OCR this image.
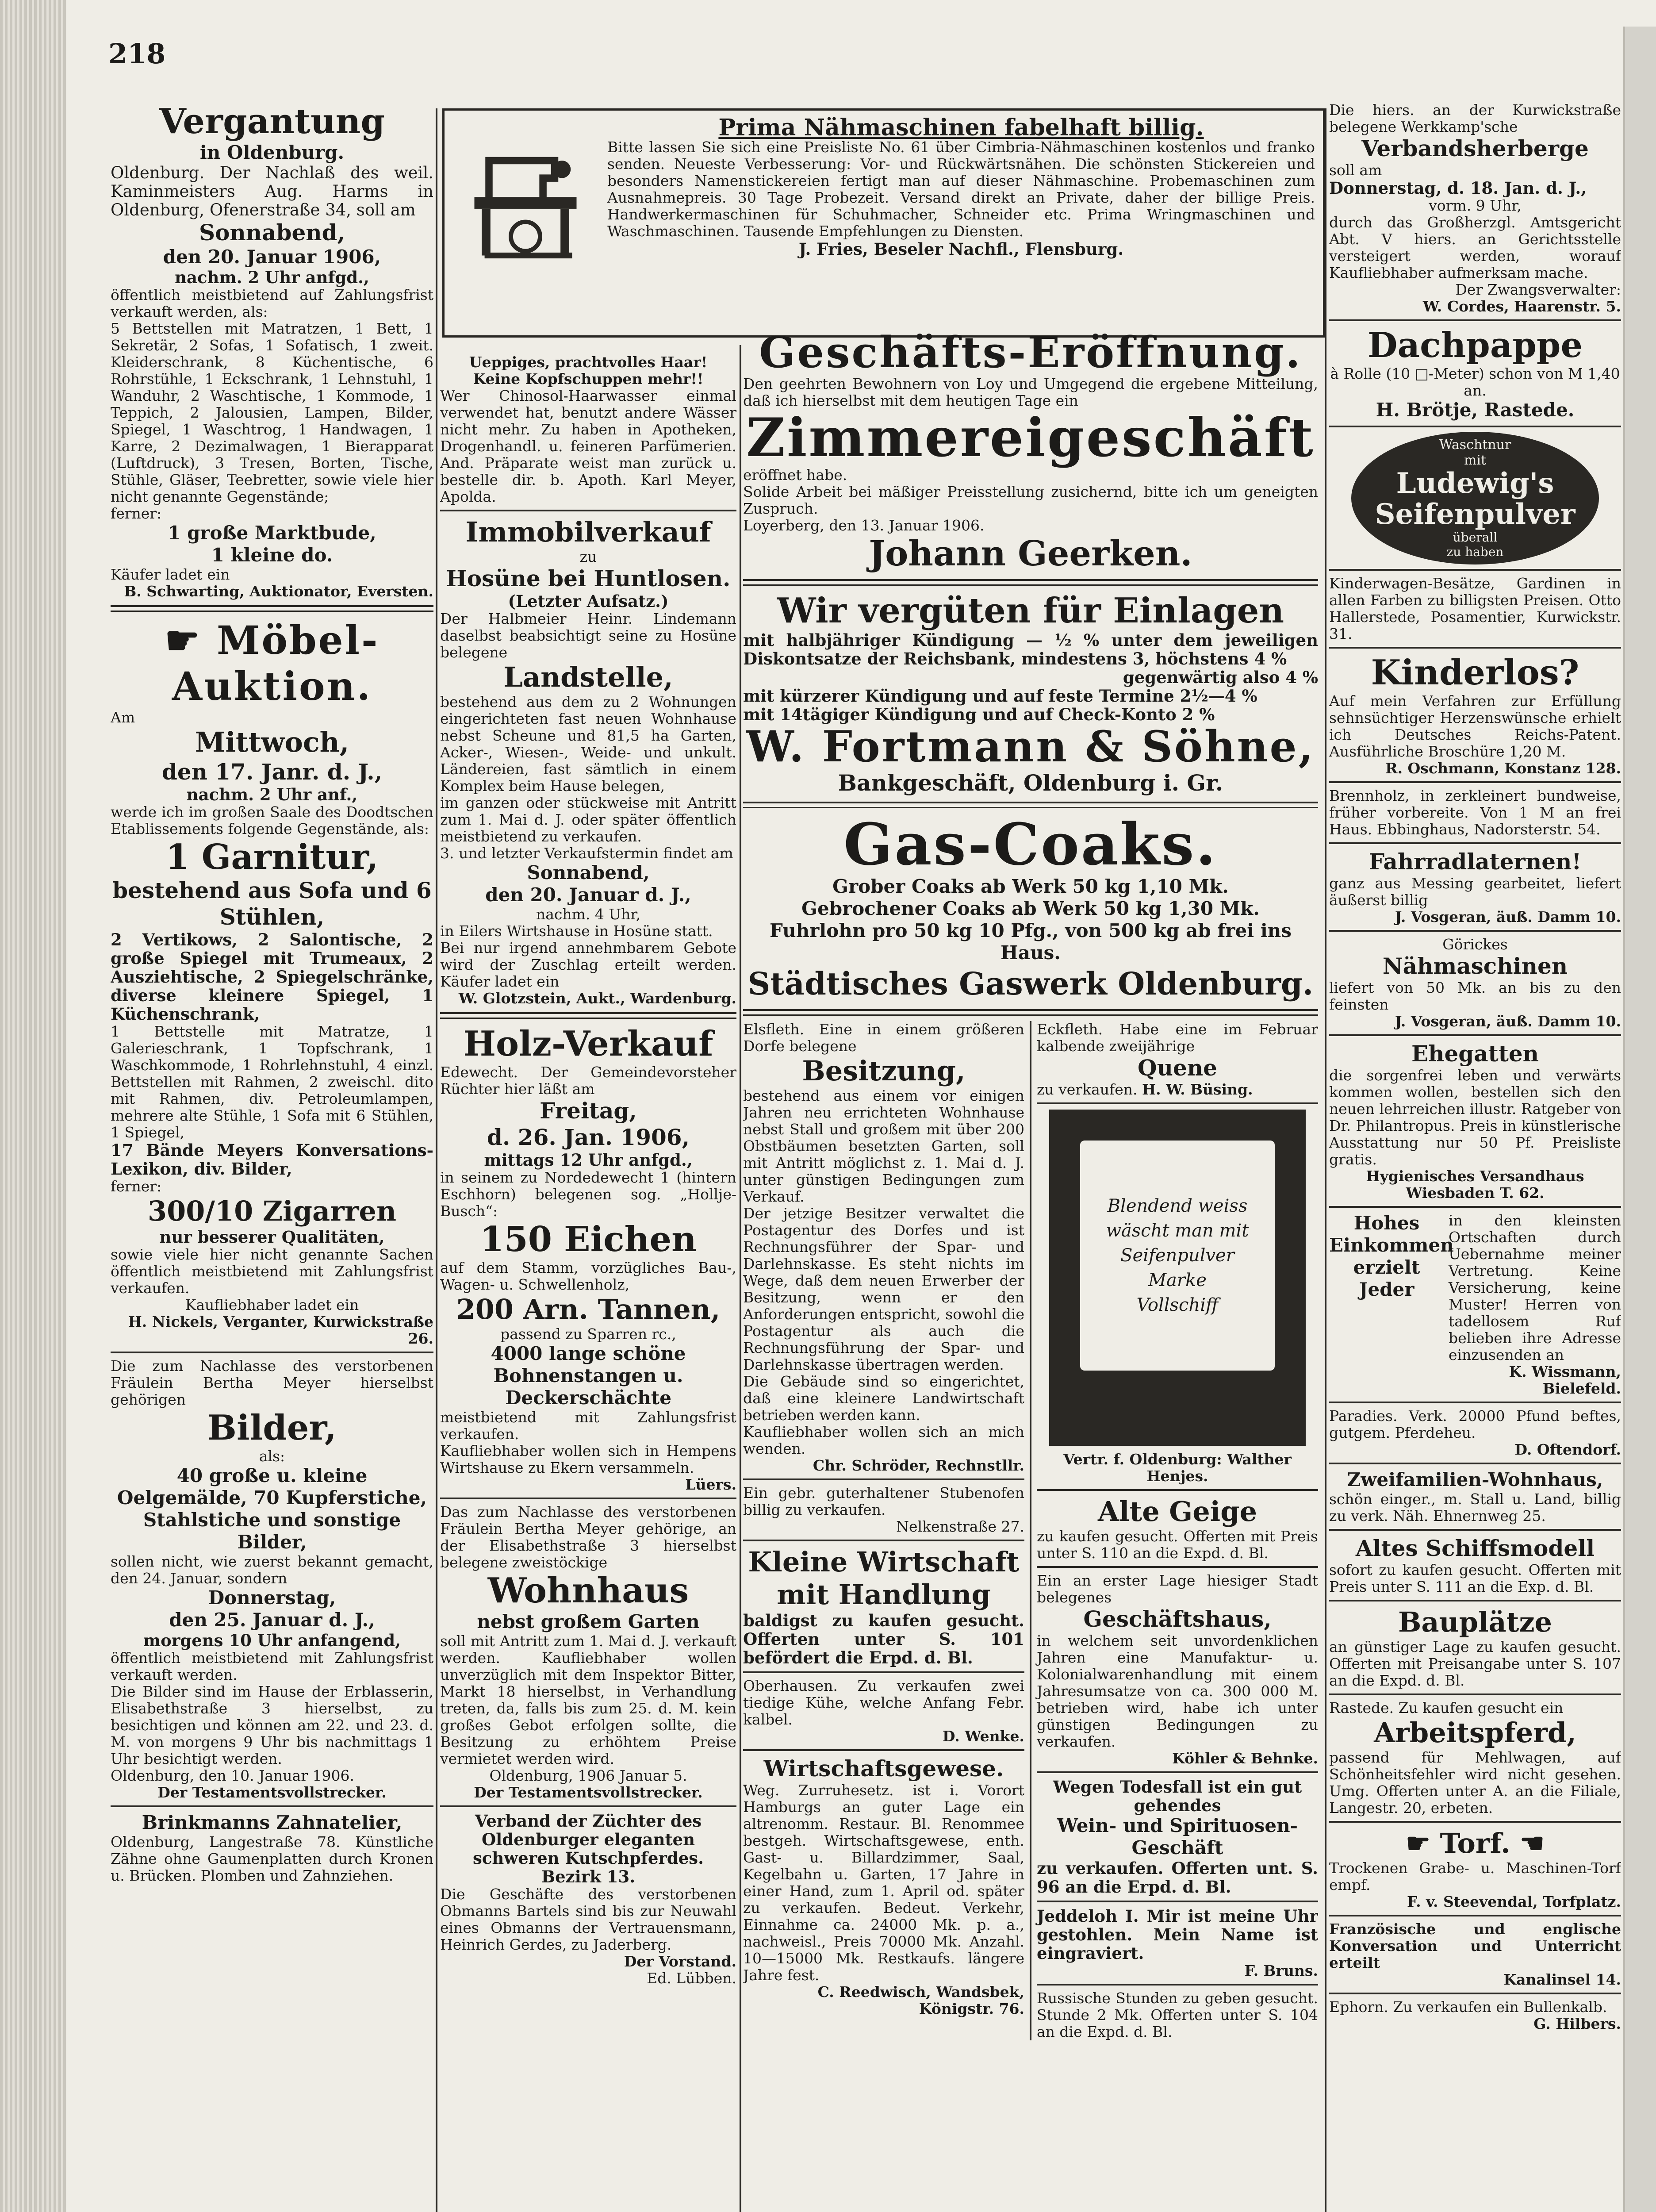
218

Vergantung

in Oldenburg.

Oldenburg. Der Nachlaß des weil. Kaminmeisters Aug. Harms in Oldenburg, Ofenerstraße 34, soll am

Sonnabend,

den 20. Januar 1906,

nachm. 2 Uhr anfgd.,

öffentlich meistbietend auf Zahlungsfrist verkauft werden, als:

5 Bettstellen mit Matratzen, 1 Bett, 1 Sekretär, 2 Sofas, 1 Sofatisch, 1 zweit. Kleiderschrank, 8 Küchentische, 6 Rohrstühle, 1 Eckschrank, 1 Lehnstuhl, 1 Wanduhr, 2 Waschtische, 1 Kommode, 1 Teppich, 2 Jalousien, Lampen, Bilder, Spiegel, 1 Waschtrog, 1 Handwagen, 1 Karre, 2 Dezimalwagen, 1 Bierapparat (Luftdruck), 3 Tresen, Borten, Tische, Stühle, Gläser, Teebretter, sowie viele hier nicht genannte Gegenstände;

ferner:

1 große Marktbude,

1 kleine do.

Käufer ladet ein

B. Schwarting, Auktionator, Eversten.

☛ Möbel-

Auktion.

Am

Mittwoch,

den 17. Janr. d. J.,

nachm. 2 Uhr anf.,

werde ich im großen Saale des Doodtschen Etablissements folgende Gegenstände, als:

1 Garnitur,

bestehend aus Sofa und 6 Stühlen,

2 Vertikows, 2 Salontische, 2 große Spiegel mit Trumeaux, 2 Ausziehtische, 2 Spiegelschränke, diverse kleinere Spiegel, 1 Küchenschrank,

1 Bettstelle mit Matratze, 1 Galerieschrank, 1 Topfschrank, 1 Waschkommode, 1 Rohrlehnstuhl, 4 einzl. Bettstellen mit Rahmen, 2 zweischl. dito mit Rahmen, div. Petroleumlampen, mehrere alte Stühle, 1 Sofa mit 6 Stühlen, 1 Spiegel,

17 Bände Meyers Konversations-Lexikon, div. Bilder,

ferner:

300/10 Zigarren

nur besserer Qualitäten,

sowie viele hier nicht genannte Sachen öffentlich meistbietend mit Zahlungsfrist verkaufen.

Kaufliebhaber ladet ein

H. Nickels, Verganter, Kurwickstraße 26.

Die zum Nachlasse des verstorbenen Fräulein Bertha Meyer hierselbst gehörigen

Bilder,

als:

40 große u. kleine Oelgemälde, 70 Kupferstiche, Stahlstiche und sonstige Bilder,

sollen nicht, wie zuerst bekannt gemacht, den 24. Januar, sondern

Donnerstag,

den 25. Januar d. J.,

morgens 10 Uhr anfangend,

öffentlich meistbietend mit Zahlungsfrist verkauft werden.

Die Bilder sind im Hause der Erblasserin, Elisabethstraße 3 hierselbst, zu besichtigen und können am 22. und 23. d. M. von morgens 9 Uhr bis nachmittags 1 Uhr besichtigt werden.

Oldenburg, den 10. Januar 1906.

Der Testamentsvollstrecker.

Brinkmanns Zahnatelier,

Oldenburg, Langestraße 78. Künstliche Zähne ohne Gaumenplatten durch Kronen u. Brücken. Plomben und Zahnziehen.

Ueppiges, prachtvolles Haar!

Keine Kopfschuppen mehr!!

Wer Chinosol-Haarwasser einmal verwendet hat, benutzt andere Wässer nicht mehr. Zu haben in Apotheken, Drogenhandl. u. feineren Parfümerien. And. Präparate weist man zurück u. bestelle dir. b. Apoth. Karl Meyer, Apolda.

Immobilverkauf

zu

Hosüne bei Huntlosen.

(Letzter Aufsatz.)

Der Halbmeier Heinr. Lindemann daselbst beabsichtigt seine zu Hosüne belegene

Landstelle,

bestehend aus dem zu 2 Wohnungen eingerichteten fast neuen Wohnhause nebst Scheune und 81,5 ha Garten, Acker-, Wiesen-, Weide- und unkult. Ländereien, fast sämtlich in einem Komplex beim Hause belegen,

im ganzen oder stückweise mit Antritt zum 1. Mai d. J. oder später öffentlich meistbietend zu verkaufen.

3. und letzter Verkaufstermin findet am

Sonnabend,

den 20. Januar d. J.,

nachm. 4 Uhr,

in Eilers Wirtshause in Hosüne statt.

Bei nur irgend annehmbarem Gebote wird der Zuschlag erteilt werden. Käufer ladet ein

W. Glotzstein, Aukt., Wardenburg.

Holz-Verkauf

Edewecht. Der Gemeindevorsteher Rüchter hier läßt am

Freitag,

d. 26. Jan. 1906,

mittags 12 Uhr anfgd.,

in seinem zu Nordedewecht 1 (hintern Eschhorn) belegenen sog. „Hollje-Busch“:

150 Eichen

auf dem Stamm, vorzügliches Bau-, Wagen- u. Schwellenholz,

200 Arn. Tannen,

passend zu Sparren rc.,

4000 lange schöne Bohnenstangen u. Deckerschächte

meistbietend mit Zahlungsfrist verkaufen.

Kaufliebhaber wollen sich in Hempens Wirtshause zu Ekern versammeln.

Lüers.

Das zum Nachlasse des verstorbenen Fräulein Bertha Meyer gehörige, an der Elisabethstraße 3 hierselbst belegene zweistöckige

Wohnhaus

nebst großem Garten

soll mit Antritt zum 1. Mai d. J. verkauft werden. Kaufliebhaber wollen unverzüglich mit dem Inspektor Bitter, Markt 18 hierselbst, in Verhandlung treten, da, falls bis zum 25. d. M. kein großes Gebot erfolgen sollte, die Besitzung zu erhöhtem Preise vermietet werden wird.

Oldenburg, 1906 Januar 5.

Der Testamentsvollstrecker.

Verband der Züchter des Oldenburger eleganten schweren Kutschpferdes.

Bezirk 13.

Die Geschäfte des verstorbenen Obmanns Bartels sind bis zur Neuwahl eines Obmanns der Vertrauensmann, Heinrich Gerdes, zu Jaderberg.

Der Vorstand.

Ed. Lübben.

Prima Nähmaschinen fabelhaft billig.

Bitte lassen Sie sich eine Preisliste No. 61 über Cimbria-Nähmaschinen kostenlos und franko senden. Neueste Verbesserung: Vor- und Rückwärtsnähen. Die schönsten Stickereien und besonders Namenstickereien fertigt man auf dieser Nähmaschine. Probemaschinen zum Ausnahmepreis. 30 Tage Probezeit. Versand direkt an Private, daher der billige Preis. Handwerkermaschinen für Schuhmacher, Schneider etc. Prima Wringmaschinen und Waschmaschinen. Tausende Empfehlungen zu Diensten.

J. Fries, Beseler Nachfl., Flensburg.

Geschäfts-Eröffnung.

Den geehrten Bewohnern von Loy und Umgegend die ergebene Mitteilung, daß ich hierselbst mit dem heutigen Tage ein

Zimmereigeschäft

eröffnet habe.

Solide Arbeit bei mäßiger Preisstellung zusichernd, bitte ich um geneigten Zuspruch.

Loyerberg, den 13. Januar 1906.

Johann Geerken.

Wir vergüten für Einlagen

mit halbjähriger Kündigung — ½ % unter dem jeweiligen Diskontsatze der Reichsbank, mindestens 3, höchstens 4 %

gegenwärtig also 4 %

mit kürzerer Kündigung und auf feste Termine 2½—4 %

mit 14tägiger Kündigung und auf Check-Konto 2 %

W. Fortmann & Söhne,

Bankgeschäft, Oldenburg i. Gr.

Gas-Coaks.

Grober Coaks ab Werk 50 kg 1,10 Mk.

Gebrochener Coaks ab Werk 50 kg 1,30 Mk.

Fuhrlohn pro 50 kg 10 Pfg., von 500 kg ab frei ins Haus.

Städtisches Gaswerk Oldenburg.

Elsfleth. Eine in einem größeren Dorfe belegene

Besitzung,

bestehend aus einem vor einigen Jahren neu errichteten Wohnhause nebst Stall und großem mit über 200 Obstbäumen besetzten Garten, soll mit Antritt möglichst z. 1. Mai d. J. unter günstigen Bedingungen zum Verkauf.

Der jetzige Besitzer verwaltet die Postagentur des Dorfes und ist Rechnungsführer der Spar- und Darlehnskasse. Es steht nichts im Wege, daß dem neuen Erwerber der Besitzung, wenn er den Anforderungen entspricht, sowohl die Postagentur als auch die Rechnungsführung der Spar- und Darlehnskasse übertragen werden.

Die Gebäude sind so eingerichtet, daß eine kleinere Landwirtschaft betrieben werden kann.

Kaufliebhaber wollen sich an mich wenden.

Chr. Schröder, Rechnstllr.

Ein gebr. guterhaltener Stubenofen billig zu verkaufen.

Nelkenstraße 27.

Kleine Wirtschaft mit Handlung

baldigst zu kaufen gesucht. Offerten unter S. 101 befördert die Erpd. d. Bl.

Oberhausen. Zu verkaufen zwei tiedige Kühe, welche Anfang Febr. kalbel.

D. Wenke.

Wirtschaftsgewese.

Weg. Zurruhesetz. ist i. Vorort Hamburgs an guter Lage ein altrenomm. Restaur. Bl. Renommee bestgeh. Wirtschaftsgewese, enth. Gast- u. Billardzimmer, Saal, Kegelbahn u. Garten, 17 Jahre in einer Hand, zum 1. April od. später zu verkaufen. Bedeut. Verkehr, Einnahme ca. 24000 Mk. p. a., nachweisl., Preis 70000 Mk. Anzahl. 10—15000 Mk. Restkaufs. längere Jahre fest.

C. Reedwisch, Wandsbek, Königstr. 76.

Eckfleth. Habe eine im Februar kalbende zweijährige

Quene

zu verkaufen. H. W. Büsing.

Blendend weiss

wäscht man mit

Seifenpulver

Marke

Vollschiff

Vertr. f. Oldenburg: Walther Henjes.

Alte Geige

zu kaufen gesucht. Offerten mit Preis unter S. 110 an die Expd. d. Bl.

Ein an erster Lage hiesiger Stadt belegenes

Geschäftshaus,

in welchem seit unvordenklichen Jahren eine Manufaktur- u. Kolonialwarenhandlung mit einem Jahresumsatze von ca. 300 000 M. betrieben wird, habe ich unter günstigen Bedingungen zu verkaufen.

Köhler & Behnke.

Wegen Todesfall ist ein gut gehendes

Wein- und Spirituosen-Geschäft

zu verkaufen. Offerten unt. S. 96 an die Erpd. d. Bl.

Jeddeloh I. Mir ist meine Uhr gestohlen. Mein Name ist eingraviert.

F. Bruns.

Russische Stunden zu geben gesucht. Stunde 2 Mk. Offerten unter S. 104 an die Expd. d. Bl.

Die hiers. an der Kurwickstraße belegene Werkkamp'sche

Verbandsherberge

soll am

Donnerstag, d. 18. Jan. d. J.,

vorm. 9 Uhr,

durch das Großherzgl. Amtsgericht Abt. V hiers. an Gerichtsstelle versteigert werden, worauf Kaufliebhaber aufmerksam mache.

Der Zwangsverwalter:

W. Cordes, Haarenstr. 5.

Dachpappe

à Rolle (10 □-Meter) schon von M 1,40 an.

H. Brötje, Rastede.

Waschtnur
mit
Ludewig's
Seifenpulver
überall
zu haben

Kinderwagen-Besätze, Gardinen in allen Farben zu billigsten Preisen. Otto Hallerstede, Posamentier, Kurwickstr. 31.

Kinderlos?

Auf mein Verfahren zur Erfüllung sehnsüchtiger Herzenswünsche erhielt ich Deutsches Reichs-Patent. Ausführliche Broschüre 1,20 M.

R. Oschmann, Konstanz 128.

Brennholz, in zerkleinert bundweise, früher vorbereite. Von 1 M an frei Haus. Ebbinghaus, Nadorsterstr. 54.

Fahrradlaternen!

ganz aus Messing gearbeitet, liefert äußerst billig

J. Vosgeran, äuß. Damm 10.

Görickes

Nähmaschinen

liefert von 50 Mk. an bis zu den feinsten

J. Vosgeran, äuß. Damm 10.

Ehegatten

die sorgenfrei leben und verwärts kommen wollen, bestellen sich den neuen lehrreichen illustr. Ratgeber von Dr. Philantropus. Preis in künstlerische Ausstattung nur 50 Pf. Preisliste gratis.

Hygienisches Versandhaus Wiesbaden T. 62.

Hohes

Einkommen

erzielt

Jeder

in den kleinsten Ortschaften durch Uebernahme meiner Vertretung. Keine Versicherung, keine Muster! Herren von tadellosem Ruf belieben ihre Adresse einzusenden an

K. Wissmann, Bielefeld.

Paradies. Verk. 20000 Pfund beftes, gutgem. Pferdeheu.

D. Oftendorf.

Zweifamilien-Wohnhaus,

schön einger., m. Stall u. Land, billig zu verk. Näh. Ehnernweg 25.

Altes Schiffsmodell

sofort zu kaufen gesucht. Offerten mit Preis unter S. 111 an die Exp. d. Bl.

Bauplätze

an günstiger Lage zu kaufen gesucht. Offerten mit Preisangabe unter S. 107 an die Expd. d. Bl.

Rastede. Zu kaufen gesucht ein

Arbeitspferd,

passend für Mehlwagen, auf Schönheitsfehler wird nicht gesehen. Umg. Offerten unter A. an die Filiale, Langestr. 20, erbeten.

☛ Torf. ☚

Trockenen Grabe- u. Maschinen-Torf empf.

F. v. Steevendal, Torfplatz.

Französische und englische Konversation und Unterricht erteilt

Kanalinsel 14.

Ephorn. Zu verkaufen ein Bullenkalb.

G. Hilbers.
